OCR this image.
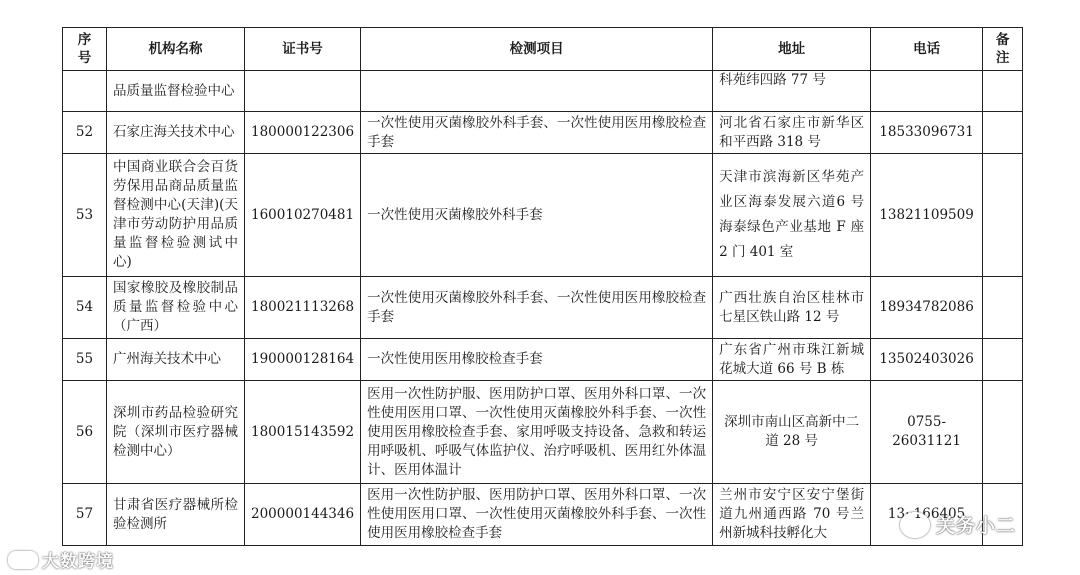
序号	机构名称	证书号	检测项目	地址	电话	备注
	品质量监督检验中心			科苑纬四路 77 号		
52	石家庄海关技术中心	180000122306	一次性使用灭菌橡胶外科手套、一次性使用医用橡胶检查手套	河北省石家庄市新华区和平西路 318 号	18533096731	
53	中国商业联合会百货劳保用品商品质量监督检测中心(天津)(天津市劳动防护用品质量监督检验测试中心)	160010270481	一次性使用灭菌橡胶外科手套	天津市滨海新区华苑产业区海泰发展六道6 号海泰绿色产业基地 F 座 2 门 401 室	13821109509	
54	国家橡胶及橡胶制品质量监督检验中心（广西）	180021113268	一次性使用灭菌橡胶外科手套、一次性使用医用橡胶检查手套	广西壮族自治区桂林市七星区铁山路 12 号	18934782086	
55	广州海关技术中心	190000128164	一次性使用医用橡胶检查手套	广东省广州市珠江新城花城大道 66 号 B 栋	13502403026	
56	深圳市药品检验研究院（深圳市医疗器械检测中心）	180015143592	医用一次性防护服、医用防护口罩、医用外科口罩、一次性使用医用口罩、一次性使用灭菌橡胶外科手套、一次性使用医用橡胶检查手套、家用呼吸支持设备、急救和转运用呼吸机、呼吸气体监护仪、治疗呼吸机、医用红外体温计、医用体温计	深圳市南山区高新中二道 28 号	0755-26031121	
57	甘肃省医疗器械所检验检测所	200000144346	医用一次性防护服、医用防护口罩、医用外科口罩、一次性使用医用口罩、一次性使用灭菌橡胶外科手套、一次性使用医用橡胶检查手套	兰州市安宁区安宁堡街道九州通西路 70 号兰州新城科技孵化大	13··166405	
大数跨境
关务小二
